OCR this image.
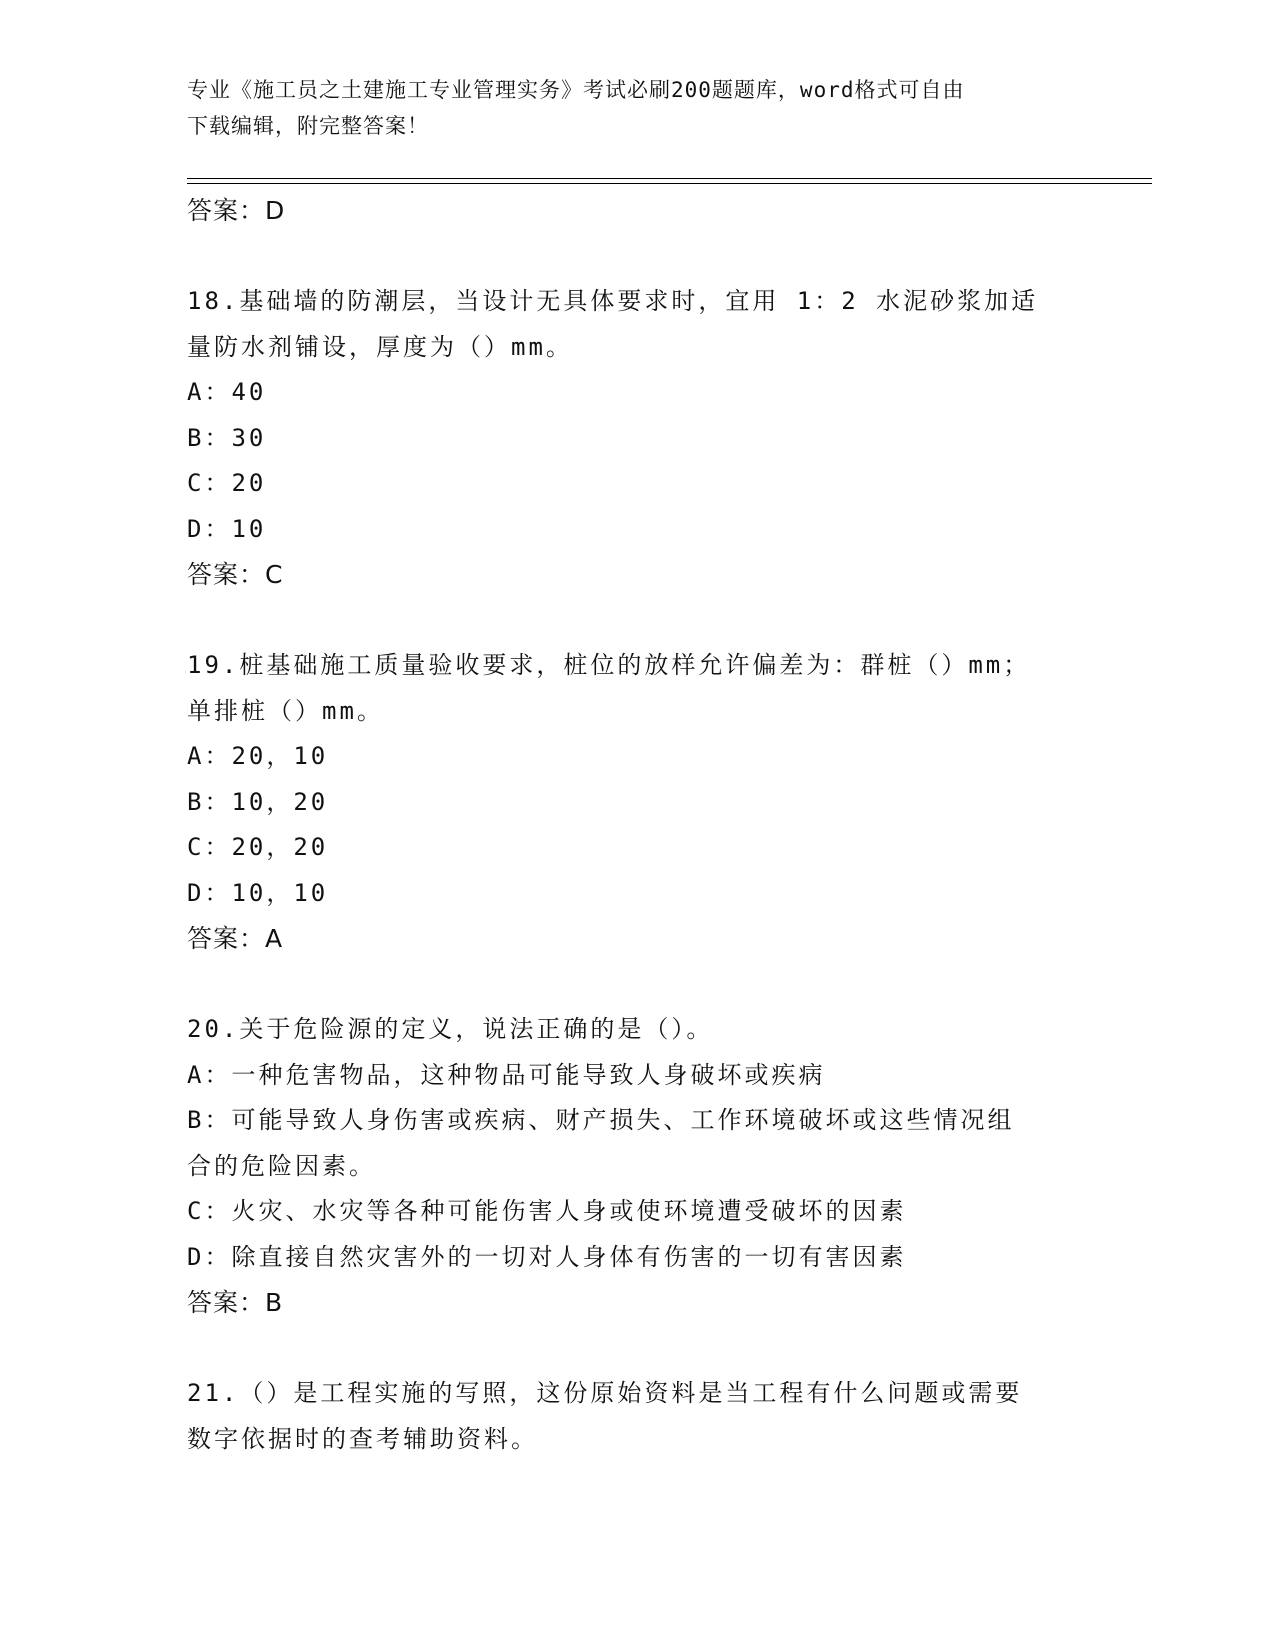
专业《施工员之土建施工专业管理实务》考试必刷200题题库，word格式可自由
下载编辑，附完整答案！
答案：D
18.基础墙的防潮层，当设计无具体要求时，宜用 1：2 水泥砂浆加适
量防水剂铺设，厚度为（）mm。
A：40
B：30
C：20
D：10
答案：C
19.桩基础施工质量验收要求，桩位的放样允许偏差为：群桩（）mm；
单排桩（）mm。
A：20，10
B：10，20
C：20，20
D：10，10
答案：A
20.关于危险源的定义，说法正确的是（）。
A：一种危害物品，这种物品可能导致人身破坏或疾病
B：可能导致人身伤害或疾病、财产损失、工作环境破坏或这些情况组
合的危险因素。
C：火灾、水灾等各种可能伤害人身或使环境遭受破坏的因素
D：除直接自然灾害外的一切对人身体有伤害的一切有害因素
答案：B
21.（）是工程实施的写照，这份原始资料是当工程有什么问题或需要
数字依据时的查考辅助资料。
